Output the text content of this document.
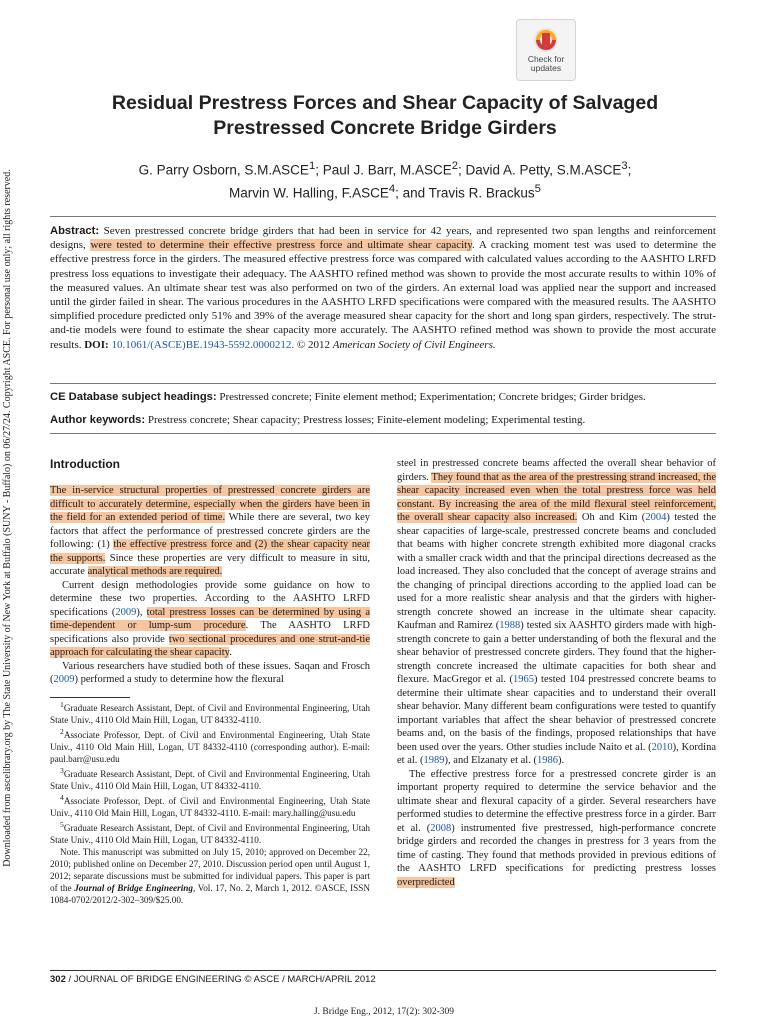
Downloaded from ascelibrary.org by The State University of New York at Buffalo (SUNY - Buffalo) on 06/27/24. Copyright ASCE. For personal use only; all rights reserved.
Check for
updates
Residual Prestress Forces and Shear Capacity of Salvaged
Prestressed Concrete Bridge Girders
G. Parry Osborn, S.M.ASCE$^1$; Paul J. Barr, M.ASCE$^2$; David A. Petty, S.M.ASCE$^3$;
Marvin W. Halling, F.ASCE$^4$; and Travis R. Brackus$^5$
Abstract: Seven prestressed concrete bridge girders that had been in service for 42 years, and represented two span lengths and reinforcement designs, were tested to determine their effective prestress force and ultimate shear capacity. A cracking moment test was used to determine the effective prestress force in the girders. The measured effective prestress force was compared with calculated values according to the AASHTO LRFD prestress loss equations to investigate their adequacy. The AASHTO refined method was shown to provide the most accurate results to within 10% of the measured values. An ultimate shear test was also performed on two of the girders. An external load was applied near the support and increased until the girder failed in shear. The various procedures in the AASHTO LRFD specifications were compared with the measured results. The AASHTO simplified procedure predicted only 51% and 39% of the average measured shear capacity for the short and long span girders, respectively. The strut-and-tie models were found to estimate the shear capacity more accurately. The AASHTO refined method was shown to provide the most accurate results. DOI: 10.1061/(ASCE)BE.1943-5592.0000212. © 2012 American Society of Civil Engineers.
CE Database subject headings: Prestressed concrete; Finite element method; Experimentation; Concrete bridges; Girder bridges.
Author keywords: Prestress concrete; Shear capacity; Prestress losses; Finite-element modeling; Experimental testing.
Introduction

The in-service structural properties of prestressed concrete girders are difficult to accurately determine, especially when the girders have been in the field for an extended period of time. While there are several, two key factors that affect the performance of prestressed concrete girders are the following: (1) the effective prestress force and (2) the shear capacity near the supports. Since these properties are very difficult to measure in situ, accurate analytical methods are required.

Current design methodologies provide some guidance on how to determine these two properties. According to the AASHTO LRFD specifications (2009), total prestress losses can be determined by using a time-dependent or lump-sum procedure. The AASHTO LRFD specifications also provide two sectional procedures and one strut-and-tie approach for calculating the shear capacity.

Various researchers have studied both of these issues. Saqan and Frosch (2009) performed a study to determine how the flexural

$^1$Graduate Research Assistant, Dept. of Civil and Environmental Engineering, Utah State Univ., 4110 Old Main Hill, Logan, UT 84332-4110.

$^2$Associate Professor, Dept. of Civil and Environmental Engineering, Utah State Univ., 4110 Old Main Hill, Logan, UT 84332-4110 (corresponding author). E-mail: paul.barr@usu.edu

$^3$Graduate Research Assistant, Dept. of Civil and Environmental Engineering, Utah State Univ., 4110 Old Main Hill, Logan, UT 84332-4110.

$^4$Associate Professor, Dept. of Civil and Environmental Engineering, Utah State Univ., 4110 Old Main Hill, Logan, UT 84332-4110. E-mail: mary.halling@usu.edu

$^5$Graduate Research Assistant, Dept. of Civil and Environmental Engineering, Utah State Univ., 4110 Old Main Hill, Logan, UT 84332-4110.

Note. This manuscript was submitted on July 15, 2010; approved on December 22, 2010; published online on December 27, 2010. Discussion period open until August 1, 2012; separate discussions must be submitted for individual papers. This paper is part of the Journal of Bridge Engineering, Vol. 17, No. 2, March 1, 2012. ©ASCE, ISSN 1084-0702/2012/2-302–309/$25.00.

steel in prestressed concrete beams affected the overall shear behavior of girders. They found that as the area of the prestressing strand increased, the shear capacity increased even when the total prestress force was held constant. By increasing the area of the mild flexural steel reinforcement, the overall shear capacity also increased. Oh and Kim (2004) tested the shear capacities of large-scale, prestressed concrete beams and concluded that beams with higher concrete strength exhibited more diagonal cracks with a smaller crack width and that the principal directions decreased as the load increased. They also concluded that the concept of average strains and the changing of principal directions according to the applied load can be used for a more realistic shear analysis and that the girders with higher-strength concrete showed an increase in the ultimate shear capacity. Kaufman and Ramirez (1988) tested six AASHTO girders made with high-strength concrete to gain a better understanding of both the flexural and the shear behavior of prestressed concrete girders. They found that the higher-strength concrete increased the ultimate capacities for both shear and flexure. MacGregor et al. (1965) tested 104 prestressed concrete beams to determine their ultimate shear capacities and to understand their overall shear behavior. Many different beam configurations were tested to quantify important variables that affect the shear behavior of prestressed concrete beams and, on the basis of the findings, proposed relationships that have been used over the years. Other studies include Naito et al. (2010), Kordina et al. (1989), and Elzanaty et al. (1986).

The effective prestress force for a prestressed concrete girder is an important property required to determine the service behavior and the ultimate shear and flexural capacity of a girder. Several researchers have performed studies to determine the effective prestress force in a girder. Barr et al. (2008) instrumented five prestressed, high-performance concrete bridge girders and recorded the changes in prestress for 3 years from the time of casting. They found that methods provided in previous editions of the AASHTO LRFD specifications for predicting prestress losses overpredicted

302 / JOURNAL OF BRIDGE ENGINEERING © ASCE / MARCH/APRIL 2012
J. Bridge Eng., 2012, 17(2): 302-309
